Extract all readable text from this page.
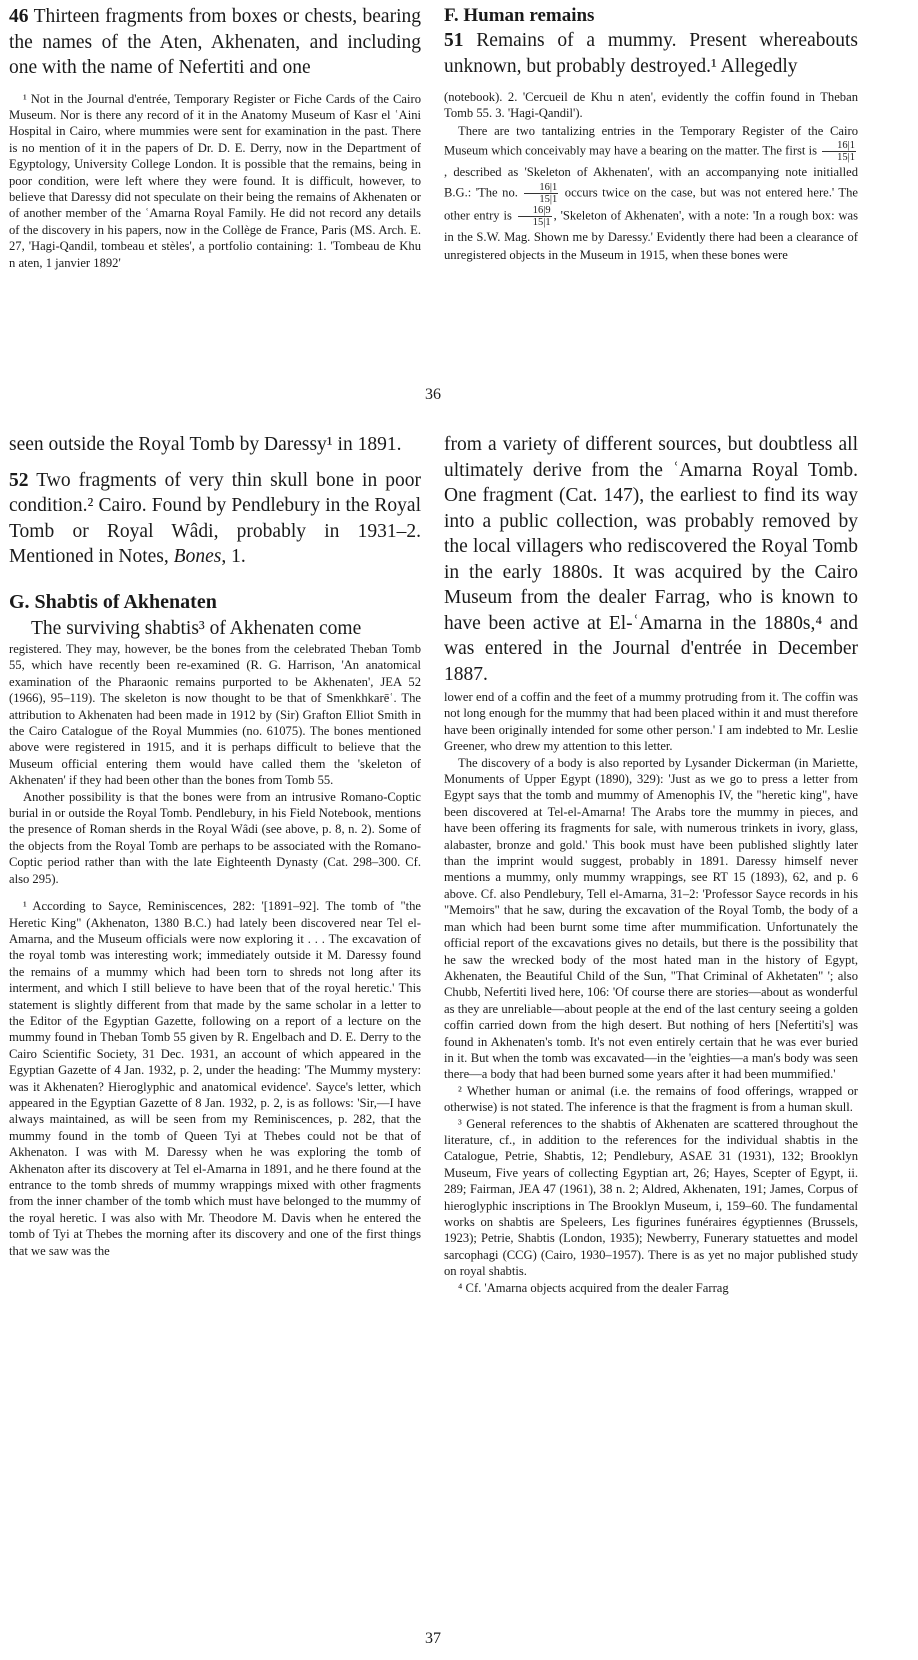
46 Thirteen fragments from boxes or chests, bearing the names of the Aten, Akhenaten, and including one with the name of Nefertiti and one

¹ Not in the Journal d'entrée, Temporary Register or Fiche Cards of the Cairo Museum. Nor is there any record of it in the Anatomy Museum of Kasr el ʿAini Hospital in Cairo, where mummies were sent for examination in the past. There is no mention of it in the papers of Dr. D. E. Derry, now in the Department of Egyptology, University College London. It is possible that the remains, being in poor condition, were left where they were found. It is difficult, however, to believe that Daressy did not speculate on their being the remains of Akhenaten or of another member of the ʿAmarna Royal Family. He did not record any details of the discovery in his papers, now in the Collège de France, Paris (MS. Arch. E. 27, 'Hagi-Qandil, tombeau et stèles', a portfolio containing: 1. 'Tombeau de Khu n aten, 1 janvier 1892'

F. Human remains

51 Remains of a mummy. Present whereabouts unknown, but probably destroyed.¹ Allegedly

(notebook). 2. 'Cercueil de Khu n aten', evidently the coffin found in Theban Tomb 55. 3. 'Hagi-Qandil').

There are two tantalizing entries in the Temporary Register of the Cairo Museum which conceivably may have a bearing on the matter. The first is $\frac{16|1}{15|1}$
, described as 'Skeleton of Akhenaten', with an accompanying note initialled B.G.: 'The no. $\frac{16|1}{15|1}$ occurs twice on the case, but was not entered here.' The other entry is $\frac{16|9}{15|1}$ , 'Skeleton of Akhenaten', with a note: 'In a rough box: was in the S.W. Mag. Shown me by Daressy.' Evidently there had been a clearance of unregistered objects in the Museum in 1915, when these bones were

36

seen outside the Royal Tomb by Daressy¹ in 1891.

52 Two fragments of very thin skull bone in poor condition.² Cairo. Found by Pendlebury in the Royal Tomb or Royal Wâdi, probably in 1931–2. Mentioned in Notes, Bones, 1.

G. Shabtis of Akhenaten

The surviving shabtis³ of Akhenaten come

registered. They may, however, be the bones from the celebrated Theban Tomb 55, which have recently been re-examined (R. G. Harrison, 'An anatomical examination of the Pharaonic remains purported to be Akhenaten', JEA 52 (1966), 95–119). The skeleton is now thought to be that of Smenkhkarēʿ. The attribution to Akhenaten had been made in 1912 by (Sir) Grafton Elliot Smith in the Cairo Catalogue of the Royal Mummies (no. 61075). The bones mentioned above were registered in 1915, and it is perhaps difficult to believe that the Museum official entering them would have called them the 'skeleton of Akhenaten' if they had been other than the bones from Tomb 55.

Another possibility is that the bones were from an intrusive Romano-Coptic burial in or outside the Royal Tomb. Pendlebury, in his Field Notebook, mentions the presence of Roman sherds in the Royal Wâdi (see above, p. 8, n. 2). Some of the objects from the Royal Tomb are perhaps to be associated with the Romano-Coptic period rather than with the late Eighteenth Dynasty (Cat. 298–300. Cf. also 295).

¹ According to Sayce, Reminiscences, 282: '[1891–92]. The tomb of "the Heretic King" (Akhenaton, 1380 B.C.) had lately been discovered near Tel el-Amarna, and the Museum officials were now exploring it . . . The excavation of the royal tomb was interesting work; immediately outside it M. Daressy found the remains of a mummy which had been torn to shreds not long after its interment, and which I still believe to have been that of the royal heretic.' This statement is slightly different from that made by the same scholar in a letter to the Editor of the Egyptian Gazette, following on a report of a lecture on the mummy found in Theban Tomb 55 given by R. Engelbach and D. E. Derry to the Cairo Scientific Society, 31 Dec. 1931, an account of which appeared in the Egyptian Gazette of 4 Jan. 1932, p. 2, under the heading: 'The Mummy mystery: was it Akhenaten? Hieroglyphic and anatomical evidence'. Sayce's letter, which appeared in the Egyptian Gazette of 8 Jan. 1932, p. 2, is as follows: 'Sir,—I have always maintained, as will be seen from my Reminiscences, p. 282, that the mummy found in the tomb of Queen Tyi at Thebes could not be that of Akhenaton. I was with M. Daressy when he was exploring the tomb of Akhenaton after its discovery at Tel el-Amarna in 1891, and he there found at the entrance to the tomb shreds of mummy wrappings mixed with other fragments from the inner chamber of the tomb which must have belonged to the mummy of the royal heretic. I was also with Mr. Theodore M. Davis when he entered the tomb of Tyi at Thebes the morning after its discovery and one of the first things that we saw was the

from a variety of different sources, but doubtless all ultimately derive from the ʿAmarna Royal Tomb. One fragment (Cat. 147), the earliest to find its way into a public collection, was probably removed by the local villagers who rediscovered the Royal Tomb in the early 1880s. It was acquired by the Cairo Museum from the dealer Farrag, who is known to have been active at El-ʿAmarna in the 1880s,⁴ and was entered in the Journal d'entrée in December 1887.

lower end of a coffin and the feet of a mummy protruding from it. The coffin was not long enough for the mummy that had been placed within it and must therefore have been originally intended for some other person.' I am indebted to Mr. Leslie Greener, who drew my attention to this letter.

The discovery of a body is also reported by Lysander Dickerman (in Mariette, Monuments of Upper Egypt (1890), 329): 'Just as we go to press a letter from Egypt says that the tomb and mummy of Amenophis IV, the "heretic king", have been discovered at Tel-el-Amarna! The Arabs tore the mummy in pieces, and have been offering its fragments for sale, with numerous trinkets in ivory, glass, alabaster, bronze and gold.' This book must have been published slightly later than the imprint would suggest, probably in 1891. Daressy himself never mentions a mummy, only mummy wrappings, see RT 15 (1893), 62, and p. 6 above. Cf. also Pendlebury, Tell el-Amarna, 31–2: 'Professor Sayce records in his "Memoirs" that he saw, during the excavation of the Royal Tomb, the body of a man which had been burnt some time after mummification. Unfortunately the official report of the excavations gives no details, but there is the possibility that he saw the wrecked body of the most hated man in the history of Egypt, Akhenaten, the Beautiful Child of the Sun, "That Criminal of Akhetaten" '; also Chubb, Nefertiti lived here, 106: 'Of course there are stories—about as wonderful as they are unreliable—about people at the end of the last century seeing a golden coffin carried down from the high desert. But nothing of hers [Nefertiti's] was found in Akhenaten's tomb. It's not even entirely certain that he was ever buried in it. But when the tomb was excavated—in the 'eighties—a man's body was seen there—a body that had been burned some years after it had been mummified.'

² Whether human or animal (i.e. the remains of food offerings, wrapped or otherwise) is not stated. The inference is that the fragment is from a human skull.

³ General references to the shabtis of Akhenaten are scattered throughout the literature, cf., in addition to the references for the individual shabtis in the Catalogue, Petrie, Shabtis, 12; Pendlebury, ASAE 31 (1931), 132; Brooklyn Museum, Five years of collecting Egyptian art, 26; Hayes, Scepter of Egypt, ii. 289; Fairman, JEA 47 (1961), 38 n. 2; Aldred, Akhenaten, 191; James, Corpus of hieroglyphic inscriptions in The Brooklyn Museum, i, 159–60. The fundamental works on shabtis are Speleers, Les figurines funéraires égyptiennes (Brussels, 1923); Petrie, Shabtis (London, 1935); Newberry, Funerary statuettes and model sarcophagi (CCG) (Cairo, 1930–1957). There is as yet no major published study on royal shabtis.

⁴ Cf. 'Amarna objects acquired from the dealer Farrag

37
